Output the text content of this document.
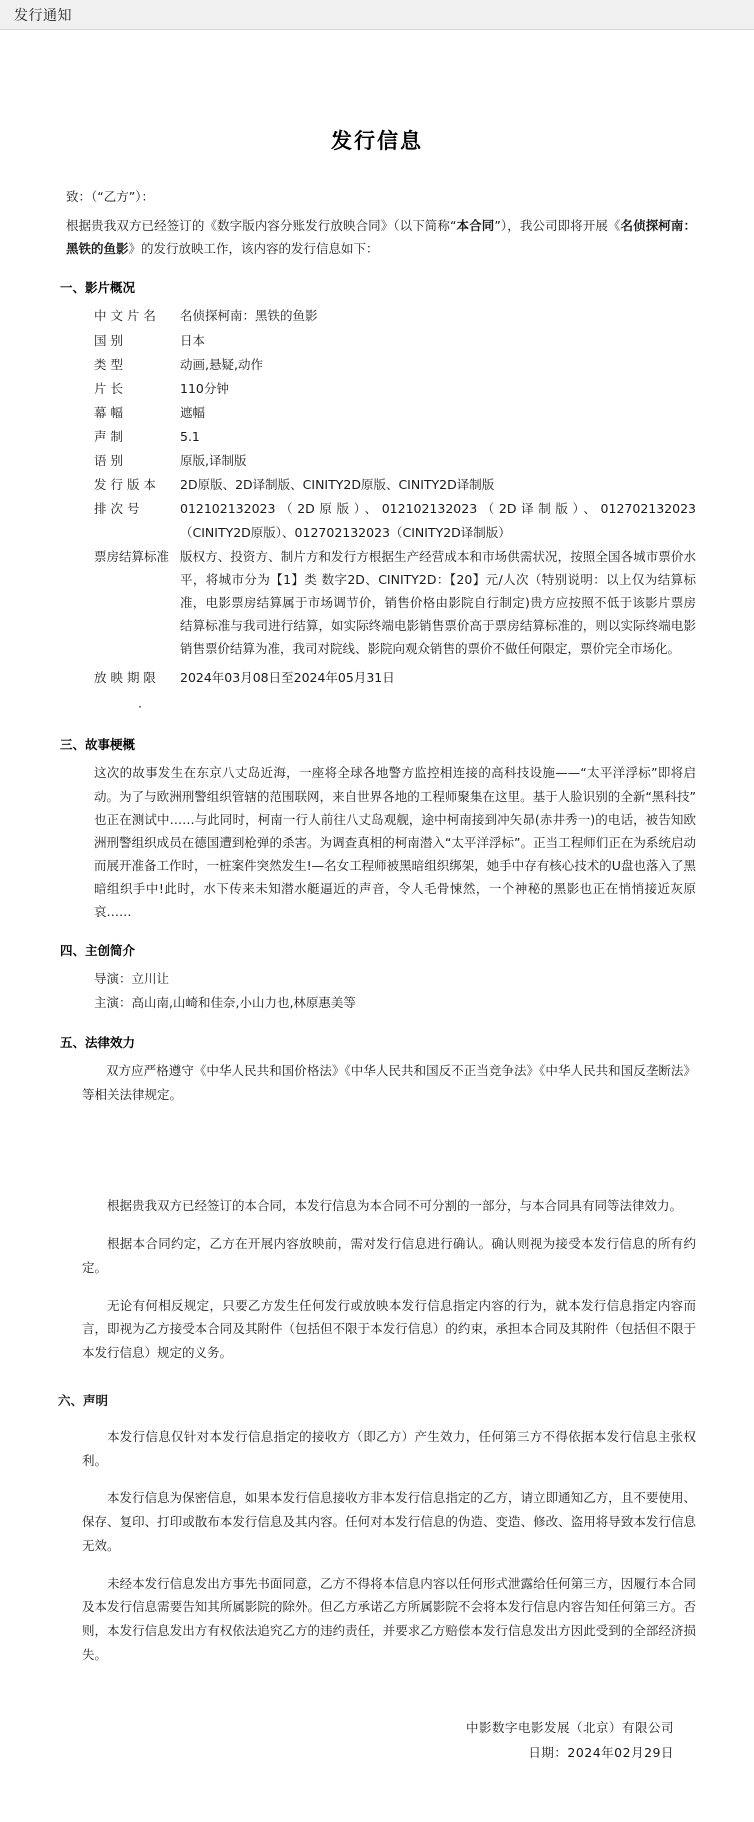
发行通知
发行信息

致：（“乙方”）：

根据贵我双方已经签订的《数字版内容分账发行放映合同》（以下简称“本合同”），我公司即将开展《名侦探柯南：黑铁的鱼影》的发行放映工作，该内容的发行信息如下：

一、影片概况
中 文 片 名	名侦探柯南：黑铁的鱼影
国 别	日本
类 型	动画,悬疑,动作
片 长	110分钟
幕 幅	遮幅
声 制	5.1
语 别	原版,译制版
发 行 版 本	2D原版、2D译制版、CINITY2D原版、CINITY2D译制版
排 次 号	012102132023（2D原版）、012102132023（2D译制版）、012702132023（CINITY2D原版）、012702132023（CINITY2D译制版）
票房结算标准 版权方、投资方、制片方和发行方根据生产经营成本和市场供需状况，按照全国各城市票价水平，将城市分为【1】类 数字2D、CINITY2D：【20】元/人次（特别说明：以上仅为结算标准，电影票房结算属于市场调节价，销售价格由影院自行制定)贵方应按照不低于该影片票房结算标准与我司进行结算，如实际终端电影销售票价高于票房结算标准的，则以实际终端电影销售票价结算为准，我司对院线、影院向观众销售的票价不做任何限定，票价完全市场化。
放 映 期 限	2024年03月08日至2024年05月31日
·
三、故事梗概

这次的故事发生在东京八丈岛近海，一座将全球各地警方监控相连接的高科技设施——“太平洋浮标”即将启动。为了与欧洲刑警组织管辖的范围联网，来自世界各地的工程师聚集在这里。基于人脸识别的全新“黑科技”也正在测试中……与此同时，柯南一行人前往八丈岛观舰，途中柯南接到冲矢昴(赤井秀一)的电话，被告知欧洲刑警组织成员在德国遭到枪弹的杀害。为调查真相的柯南潜入“太平洋浮标”。正当工程师们正在为系统启动而展开准备工作时，一桩案件突然发生!—名女工程师被黑暗组织绑架，她手中存有核心技术的U盘也落入了黑暗组织手中!此时，水下传来未知潜水艇逼近的声音，令人毛骨悚然，一个神秘的黑影也正在悄悄接近灰原哀……

四、主创简介
导演：立川让
主演：高山南,山崎和佳奈,小山力也,林原惠美等
五、法律效力
双方应严格遵守《中华人民共和国价格法》《中华人民共和国反不正当竞争法》《中华人民共和国反垄断法》等相关法律规定。
根据贵我双方已经签订的本合同，本发行信息为本合同不可分割的一部分，与本合同具有同等法律效力。
根据本合同约定，乙方在开展内容放映前，需对发行信息进行确认。确认则视为接受本发行信息的所有约定。
无论有何相反规定，只要乙方发生任何发行或放映本发行信息指定内容的行为，就本发行信息指定内容而言，即视为乙方接受本合同及其附件（包括但不限于本发行信息）的约束，承担本合同及其附件（包括但不限于本发行信息）规定的义务。
六、声明
本发行信息仅针对本发行信息指定的接收方（即乙方）产生效力，任何第三方不得依据本发行信息主张权利。
本发行信息为保密信息，如果本发行信息接收方非本发行信息指定的乙方，请立即通知乙方，且不要使用、保存、复印、打印或散布本发行信息及其内容。任何对本发行信息的伪造、变造、修改、盗用将导致本发行信息无效。
未经本发行信息发出方事先书面同意，乙方不得将本信息内容以任何形式泄露给任何第三方，因履行本合同及本发行信息需要告知其所属影院的除外。但乙方承诺乙方所属影院不会将本发行信息内容告知任何第三方。否则，本发行信息发出方有权依法追究乙方的违约责任，并要求乙方赔偿本发行信息发出方因此受到的全部经济损失。
中影数字电影发展（北京）有限公司
日期：2024年02月29日
